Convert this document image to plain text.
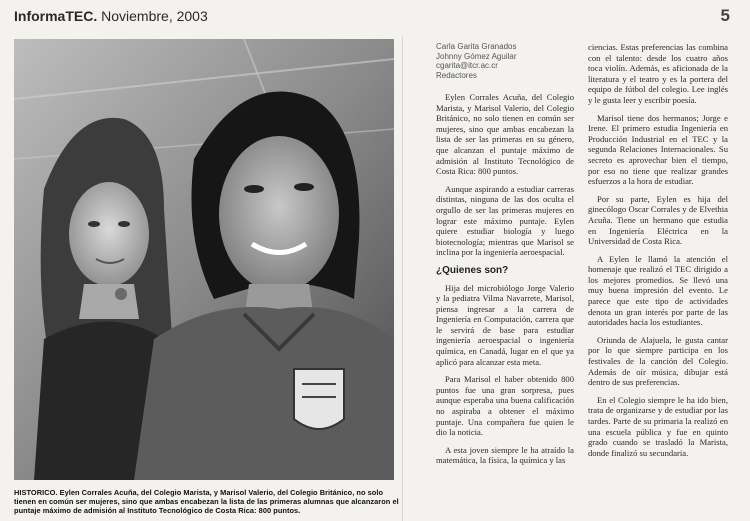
InformaTEC. Noviembre, 2003	5
HISTORICO. Eylen Corrales Acuña, del Colegio Marista, y Marisol Valerio, del Colegio Británico, no solo tienen en común ser mujeres, sino que ambas encabezan la lista de las primeras alumnas que alcanzaron el puntaje máximo de admisión al Instituto Tecnológico de Costa Rica: 800 puntos.
Carla Garita Granados
Johnny Gómez Aguilar
cgarita@itcr.ac.cr
Redactores

Eylen Corrales Acuña, del Colegio Marista, y Marisol Valerio, del Colegio Británico, no solo tienen en común ser mujeres, sino que ambas encabezan la lista de ser las primeras en su género, que alcanzan el puntaje máximo de admisión al Instituto Tecnológico de Costa Rica: 800 puntos.

Aunque aspirando a estudiar carreras distintas, ninguna de las dos oculta el orgullo de ser las primeras mujeres en lograr este máximo puntaje. Eylen quiere estudiar biología y luego biotecnología; mientras que Marisol se inclina por la ingeniería aeroespacial.

¿Quienes son?

Hija del microbiólogo Jorge Valerio y la pediatra Vilma Navarrete, Marisol, piensa ingresar a la carrera de Ingeniería en Computación, carrera que le servirá de base para estudiar ingeniería aeroespacial o ingeniería química, en Canadá, lugar en el que ya aplicó para alcanzar esta meta.

Para Marisol el haber obtenido 800 puntos fue una gran sorpresa, pues aunque esperaba una buena calificación no aspiraba a obtener el máximo puntaje. Una compañera fue quien le dio la noticia.

A esta joven siempre le ha atraído la matemática, la física, la química y las

ciencias. Estas preferencias las combina con el talento: desde los cuatro años toca violín. Además, es aficionada de la literatura y el teatro y es la portera del equipo de fútbol del colegio. Lee inglés y le gusta leer y escribir poesía.

Marisol tiene dos hermanos; Jorge e Irene. El primero estudia Ingeniería en Producción Industrial en el TEC y la segunda Relaciones Internacionales. Su secreto es aprovechar bien el tiempo, por eso no tiene que realizar grandes esfuerzos a la hora de estudiar.

Por su parte, Eylen es hija del ginecólogo Oscar Corrales y de Elvethia Acuña. Tiene un hermano que estudia en Ingeniería Eléctrica en la Universidad de Costa Rica.

A Eylen le llamó la atención el homenaje que realizó el TEC dirigido a los mejores promedios. Se llevó una muy buena impresión del evento. Le parece que este tipo de actividades denota un gran interés por parte de las autoridades hacia los estudiantes.

Oriunda de Alajuela, le gusta cantar por lo que siempre participa en los festivales de la canción del Colegio. Además de oír música, dibujar está dentro de sus preferencias.

En el Colegio siempre le ha ido bien, trata de organizarse y de estudiar por las tardes. Parte de su primaria la realizó en una escuela pública y fue en quinto grado cuando se trasladó la Marista, donde finalizó su secundaria.
